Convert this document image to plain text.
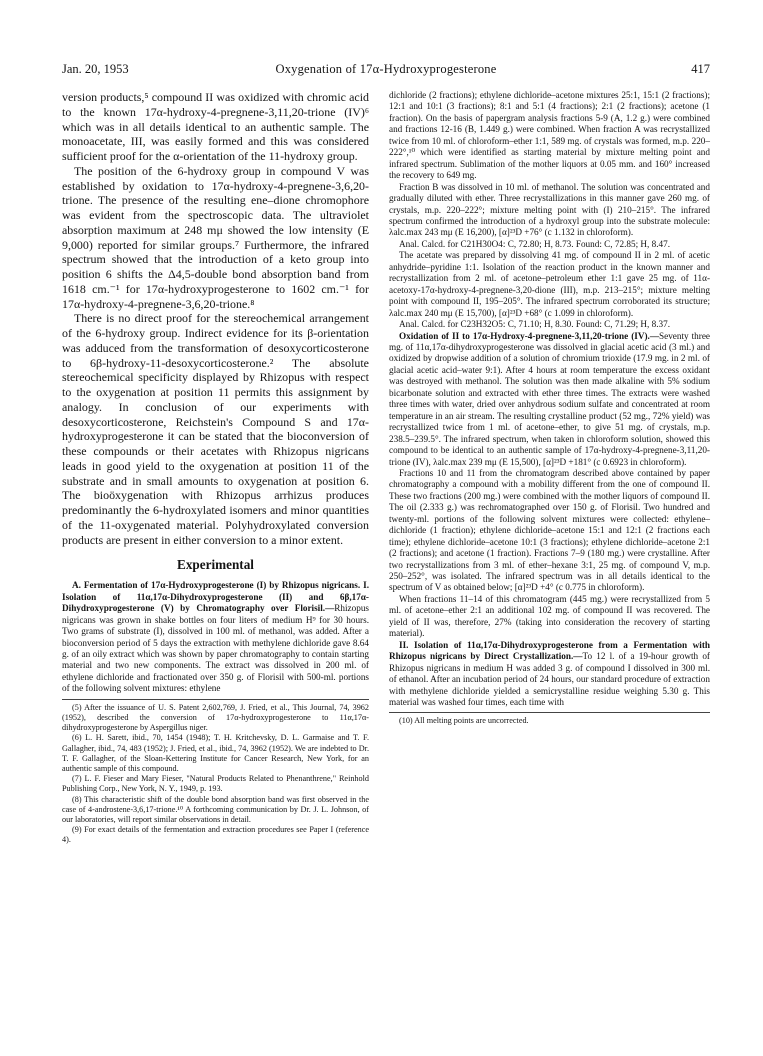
Jan. 20, 1953	Oxygenation of 17α-Hydroxyprogesterone	417

version products,⁵ compound II was oxidized with chromic acid to the known 17α-hydroxy-4-pregnene-3,11,20-trione (IV)⁶ which was in all details identical to an authentic sample. The monoacetate, III, was easily formed and this was considered sufficient proof for the α-orientation of the 11-hydroxy group.

The position of the 6-hydroxy group in compound V was established by oxidation to 17α-hydroxy-4-pregnene-3,6,20-trione. The presence of the resulting ene–dione chromophore was evident from the spectroscopic data. The ultraviolet absorption maximum at 248 mμ showed the low intensity (E 9,000) reported for similar groups.⁷ Furthermore, the infrared spectrum showed that the introduction of a keto group into position 6 shifts the Δ4,5-double bond absorption band from 1618 cm.⁻¹ for 17α-hydroxyprogesterone to 1602 cm.⁻¹ for 17α-hydroxy-4-pregnene-3,6,20-trione.⁸

There is no direct proof for the stereochemical arrangement of the 6-hydroxy group. Indirect evidence for its β-orientation was adduced from the transformation of desoxycorticosterone to 6β-hydroxy-11-desoxycorticosterone.² The absolute stereochemical specificity displayed by Rhizopus with respect to the oxygenation at position 11 permits this assignment by analogy. In conclusion of our experiments with desoxycorticosterone, Reichstein's Compound S and 17α-hydroxyprogesterone it can be stated that the bioconversion of these compounds or their acetates with Rhizopus nigricans leads in good yield to the oxygenation at position 11 of the substrate and in small amounts to oxygenation at position 6. The bioöxygenation with Rhizopus arrhizus produces predominantly the 6-hydroxylated isomers and minor quantities of the 11-oxygenated material. Polyhydroxylated conversion products are present in either conversion to a minor extent.

Experimental

A. Fermentation of 17α-Hydroxyprogesterone (I) by Rhizopus nigricans. I. Isolation of 11α,17α-Dihydroxyprogesterone (II) and 6β,17α-Dihydroxyprogesterone (V) by Chromatography over Florisil.—Rhizopus nigricans was grown in shake bottles on four liters of medium H⁹ for 30 hours. Two grams of substrate (I), dissolved in 100 ml. of methanol, was added. After a bioconversion period of 5 days the extraction with methylene dichloride gave 8.64 g. of an oily extract which was shown by paper chromatography to contain starting material and two new components. The extract was dissolved in 200 ml. of ethylene dichloride and fractionated over 350 g. of Florisil with 500-ml. portions of the following solvent mixtures: ethylene

(5) After the issuance of U. S. Patent 2,602,769, J. Fried, et al., This Journal, 74, 3962 (1952), described the conversion of 17α-hydroxyprogesterone to 11α,17α-dihydroxyprogesterone by Aspergillus niger.

(6) L. H. Sarett, ibid., 70, 1454 (1948); T. H. Kritchevsky, D. L. Garmaise and T. F. Gallagher, ibid., 74, 483 (1952); J. Fried, et al., ibid., 74, 3962 (1952). We are indebted to Dr. T. F. Gallagher, of the Sloan-Kettering Institute for Cancer Research, New York, for an authentic sample of this compound.

(7) L. F. Fieser and Mary Fieser, "Natural Products Related to Phenanthrene," Reinhold Publishing Corp., New York, N. Y., 1949, p. 193.

(8) This characteristic shift of the double bond absorption band was first observed in the case of 4-androstene-3,6,17-trione.¹⁰ A forthcoming communication by Dr. J. L. Johnson, of our laboratories, will report similar observations in detail.

(9) For exact details of the fermentation and extraction procedures see Paper I (reference 4).

dichloride (2 fractions); ethylene dichloride–acetone mixtures 25:1, 15:1 (2 fractions); 12:1 and 10:1 (3 fractions); 8:1 and 5:1 (4 fractions); 2:1 (2 fractions); acetone (1 fraction). On the basis of papergram analysis fractions 5-9 (A, 1.2 g.) were combined and fractions 12-16 (B, 1.449 g.) were combined. When fraction A was recrystallized twice from 10 ml. of chloroform–ether 1:1, 589 mg. of crystals was formed, m.p. 220–222°,¹⁰ which were identified as starting material by mixture melting point and infrared spectrum. Sublimation of the mother liquors at 0.05 mm. and 160° increased the recovery to 649 mg.

Fraction B was dissolved in 10 ml. of methanol. The solution was concentrated and gradually diluted with ether. Three recrystallizations in this manner gave 260 mg. of crystals, m.p. 220–222°; mixture melting point with (I) 210–215°. The infrared spectrum confirmed the introduction of a hydroxyl group into the substrate molecule: λalc.max 243 mμ (E 16,200), [α]²³D +76° (c 1.132 in chloroform).

Anal. Calcd. for C21H30O4: C, 72.80; H, 8.73. Found: C, 72.85; H, 8.47.

The acetate was prepared by dissolving 41 mg. of compound II in 2 ml. of acetic anhydride–pyridine 1:1. Isolation of the reaction product in the known manner and recrystallization from 2 ml. of acetone–petroleum ether 1:1 gave 25 mg. of 11α-acetoxy-17α-hydroxy-4-pregnene-3,20-dione (III), m.p. 213–215°; mixture melting point with compound II, 195–205°. The infrared spectrum corroborated its structure; λalc.max 240 mμ (E 15,700), [α]²³D +68° (c 1.099 in chloroform).

Anal. Calcd. for C23H32O5: C, 71.10; H, 8.30. Found: C, 71.29; H, 8.37.

Oxidation of II to 17α-Hydroxy-4-pregnene-3,11,20-trione (IV).—Seventy three mg. of 11α,17α-dihydroxyprogesterone was dissolved in glacial acetic acid (3 ml.) and oxidized by dropwise addition of a solution of chromium trioxide (17.9 mg. in 2 ml. of glacial acetic acid–water 9:1). After 4 hours at room temperature the excess oxidant was destroyed with methanol. The solution was then made alkaline with 5% sodium bicarbonate solution and extracted with ether three times. The extracts were washed three times with water, dried over anhydrous sodium sulfate and concentrated at room temperature in an air stream. The resulting crystalline product (52 mg., 72% yield) was recrystallized twice from 1 ml. of acetone–ether, to give 51 mg. of crystals, m.p. 238.5–239.5°. The infrared spectrum, when taken in chloroform solution, showed this compound to be identical to an authentic sample of 17α-hydroxy-4-pregnene-3,11,20-trione (IV), λalc.max 239 mμ (E 15,500), [α]²³D +181° (c 0.6923 in chloroform).

Fractions 10 and 11 from the chromatogram described above contained by paper chromatography a compound with a mobility different from the one of compound II. These two fractions (200 mg.) were combined with the mother liquors of compound II. The oil (2.333 g.) was rechromatographed over 150 g. of Florisil. Two hundred and twenty-ml. portions of the following solvent mixtures were collected: ethylene–dichloride (1 fraction); ethylene dichloride–acetone 15:1 and 12:1 (2 fractions each time); ethylene dichloride–acetone 10:1 (3 fractions); ethylene dichloride–acetone 2:1 (2 fractions); and acetone (1 fraction). Fractions 7–9 (180 mg.) were crystalline. After two recrystallizations from 3 ml. of ether–hexane 3:1, 25 mg. of compound V, m.p. 250–252°, was isolated. The infrared spectrum was in all details identical to the spectrum of V as obtained below; [α]²³D +4° (c 0.775 in chloroform).

When fractions 11–14 of this chromatogram (445 mg.) were recrystallized from 5 ml. of acetone–ether 2:1 an additional 102 mg. of compound II was recovered. The yield of II was, therefore, 27% (taking into consideration the recovery of starting material).

II. Isolation of 11α,17α-Dihydroxyprogesterone from a Fermentation with Rhizopus nigricans by Direct Crystallization.—To 12 l. of a 19-hour growth of Rhizopus nigricans in medium H was added 3 g. of compound I dissolved in 300 ml. of ethanol. After an incubation period of 24 hours, our standard procedure of extraction with methylene dichloride yielded a semicrystalline residue weighing 5.30 g. This material was washed four times, each time with

(10) All melting points are uncorrected.
